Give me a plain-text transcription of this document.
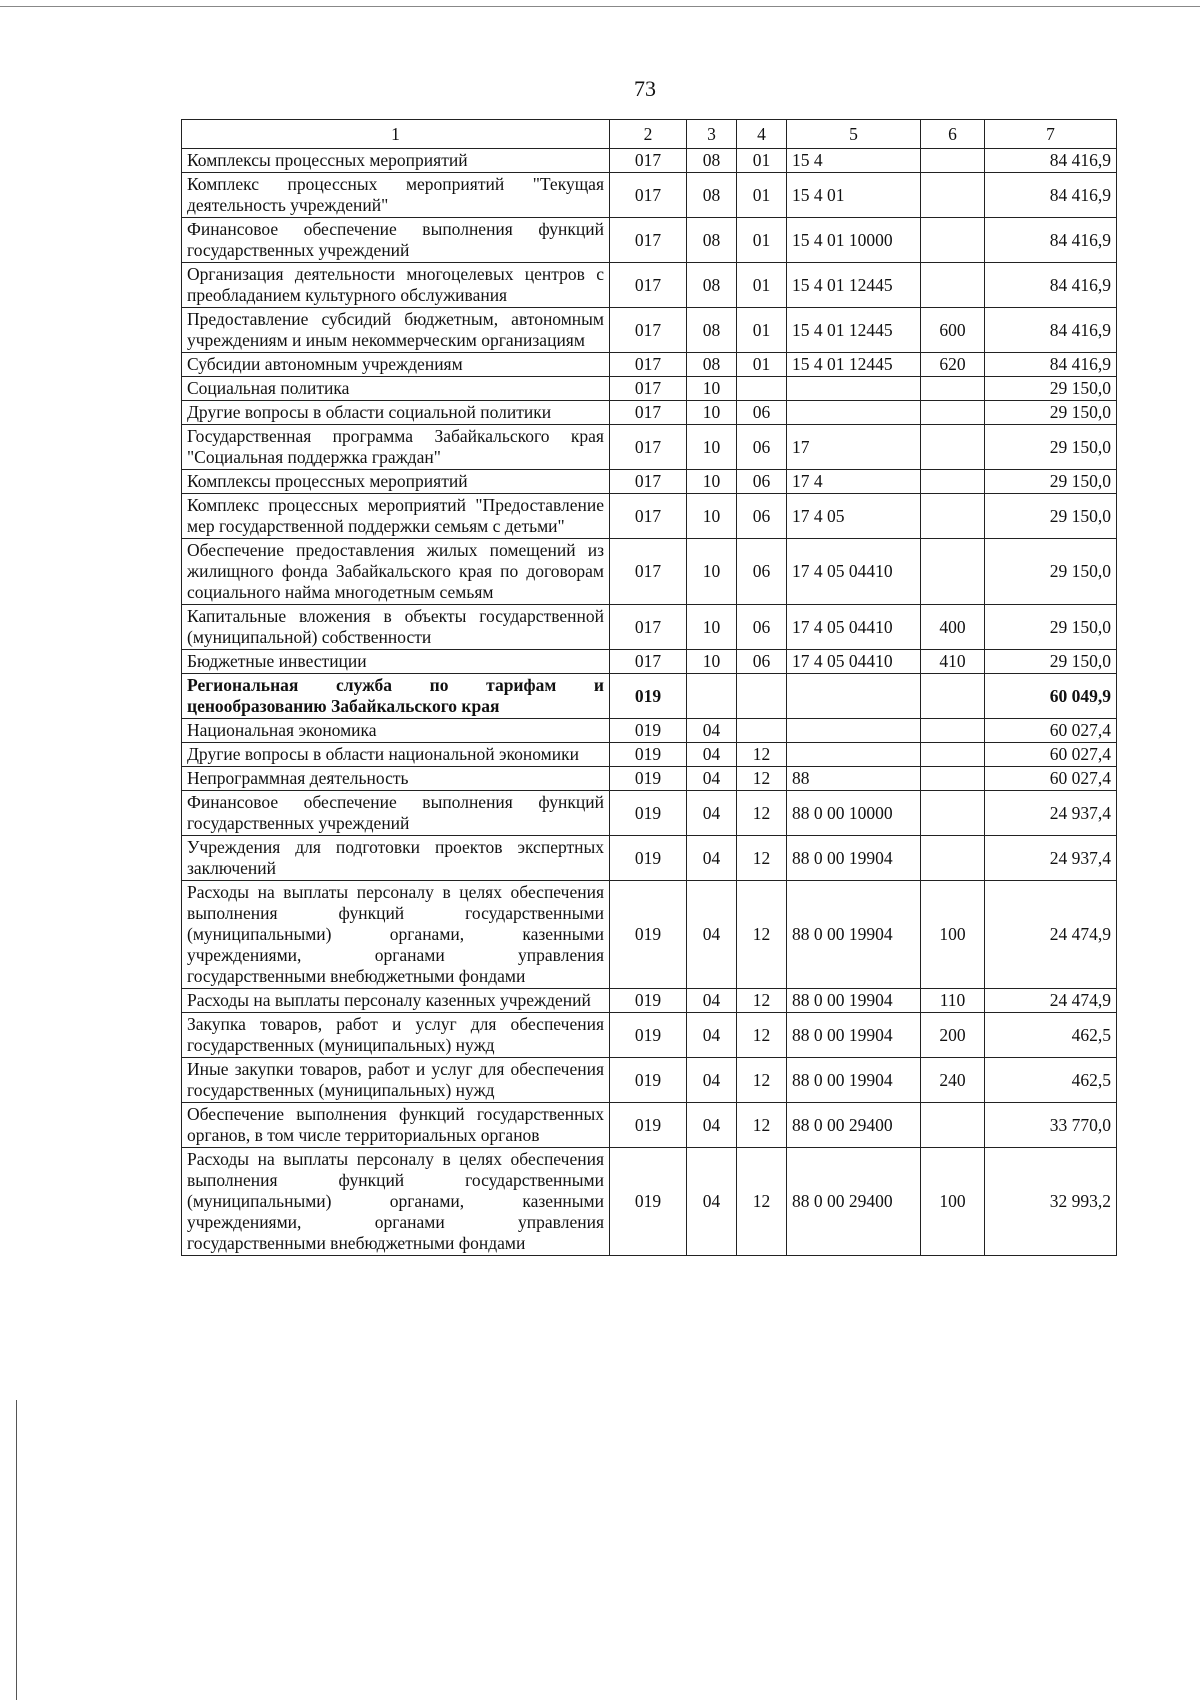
73
1	2	3	4	5	6	7
Комплексы процессных мероприятий	017	08	01	15 4		84 416,9
Комплекс процессных мероприятий "Текущая деятельность учреждений"	017	08	01	15 4 01		84 416,9
Финансовое обеспечение выполнения функций государственных учреждений	017	08	01	15 4 01 10000		84 416,9
Организация деятельности многоцелевых центров с преобладанием культурного обслуживания	017	08	01	15 4 01 12445		84 416,9
Предоставление субсидий бюджетным, автономным учреждениям и иным некоммерческим организациям	017	08	01	15 4 01 12445	600	84 416,9
Субсидии автономным учреждениям	017	08	01	15 4 01 12445	620	84 416,9
Социальная политика	017	10				29 150,0
Другие вопросы в области социальной политики	017	10	06			29 150,0
Государственная программа Забайкальского края "Социальная поддержка граждан"	017	10	06	17		29 150,0
Комплексы процессных мероприятий	017	10	06	17 4		29 150,0
Комплекс процессных мероприятий "Предоставление мер государственной поддержки семьям с детьми"	017	10	06	17 4 05		29 150,0
Обеспечение предоставления жилых помещений из жилищного фонда Забайкальского края по договорам социального найма многодетным семьям	017	10	06	17 4 05 04410		29 150,0
Капитальные вложения в объекты государственной (муниципальной) собственности	017	10	06	17 4 05 04410	400	29 150,0
Бюджетные инвестиции	017	10	06	17 4 05 04410	410	29 150,0
Региональная служба по тарифам и ценообразованию Забайкальского края	019					60 049,9
Национальная экономика	019	04				60 027,4
Другие вопросы в области национальной экономики	019	04	12			60 027,4
Непрограммная деятельность	019	04	12	88		60 027,4
Финансовое обеспечение выполнения функций государственных учреждений	019	04	12	88 0 00 10000		24 937,4
Учреждения для подготовки проектов экспертных заключений	019	04	12	88 0 00 19904		24 937,4
Расходы на выплаты персоналу в целях обеспечения выполнения функций государственными (муниципальными) органами, казенными учреждениями, органами управления государственными внебюджетными фондами	019	04	12	88 0 00 19904	100	24 474,9
Расходы на выплаты персоналу казенных учреждений	019	04	12	88 0 00 19904	110	24 474,9
Закупка товаров, работ и услуг для обеспечения государственных (муниципальных) нужд	019	04	12	88 0 00 19904	200	462,5
Иные закупки товаров, работ и услуг для обеспечения государственных (муниципальных) нужд	019	04	12	88 0 00 19904	240	462,5
Обеспечение выполнения функций государственных органов, в том числе территориальных органов	019	04	12	88 0 00 29400		33 770,0
Расходы на выплаты персоналу в целях обеспечения выполнения функций государственными (муниципальными) органами, казенными учреждениями, органами управления государственными внебюджетными фондами	019	04	12	88 0 00 29400	100	32 993,2
